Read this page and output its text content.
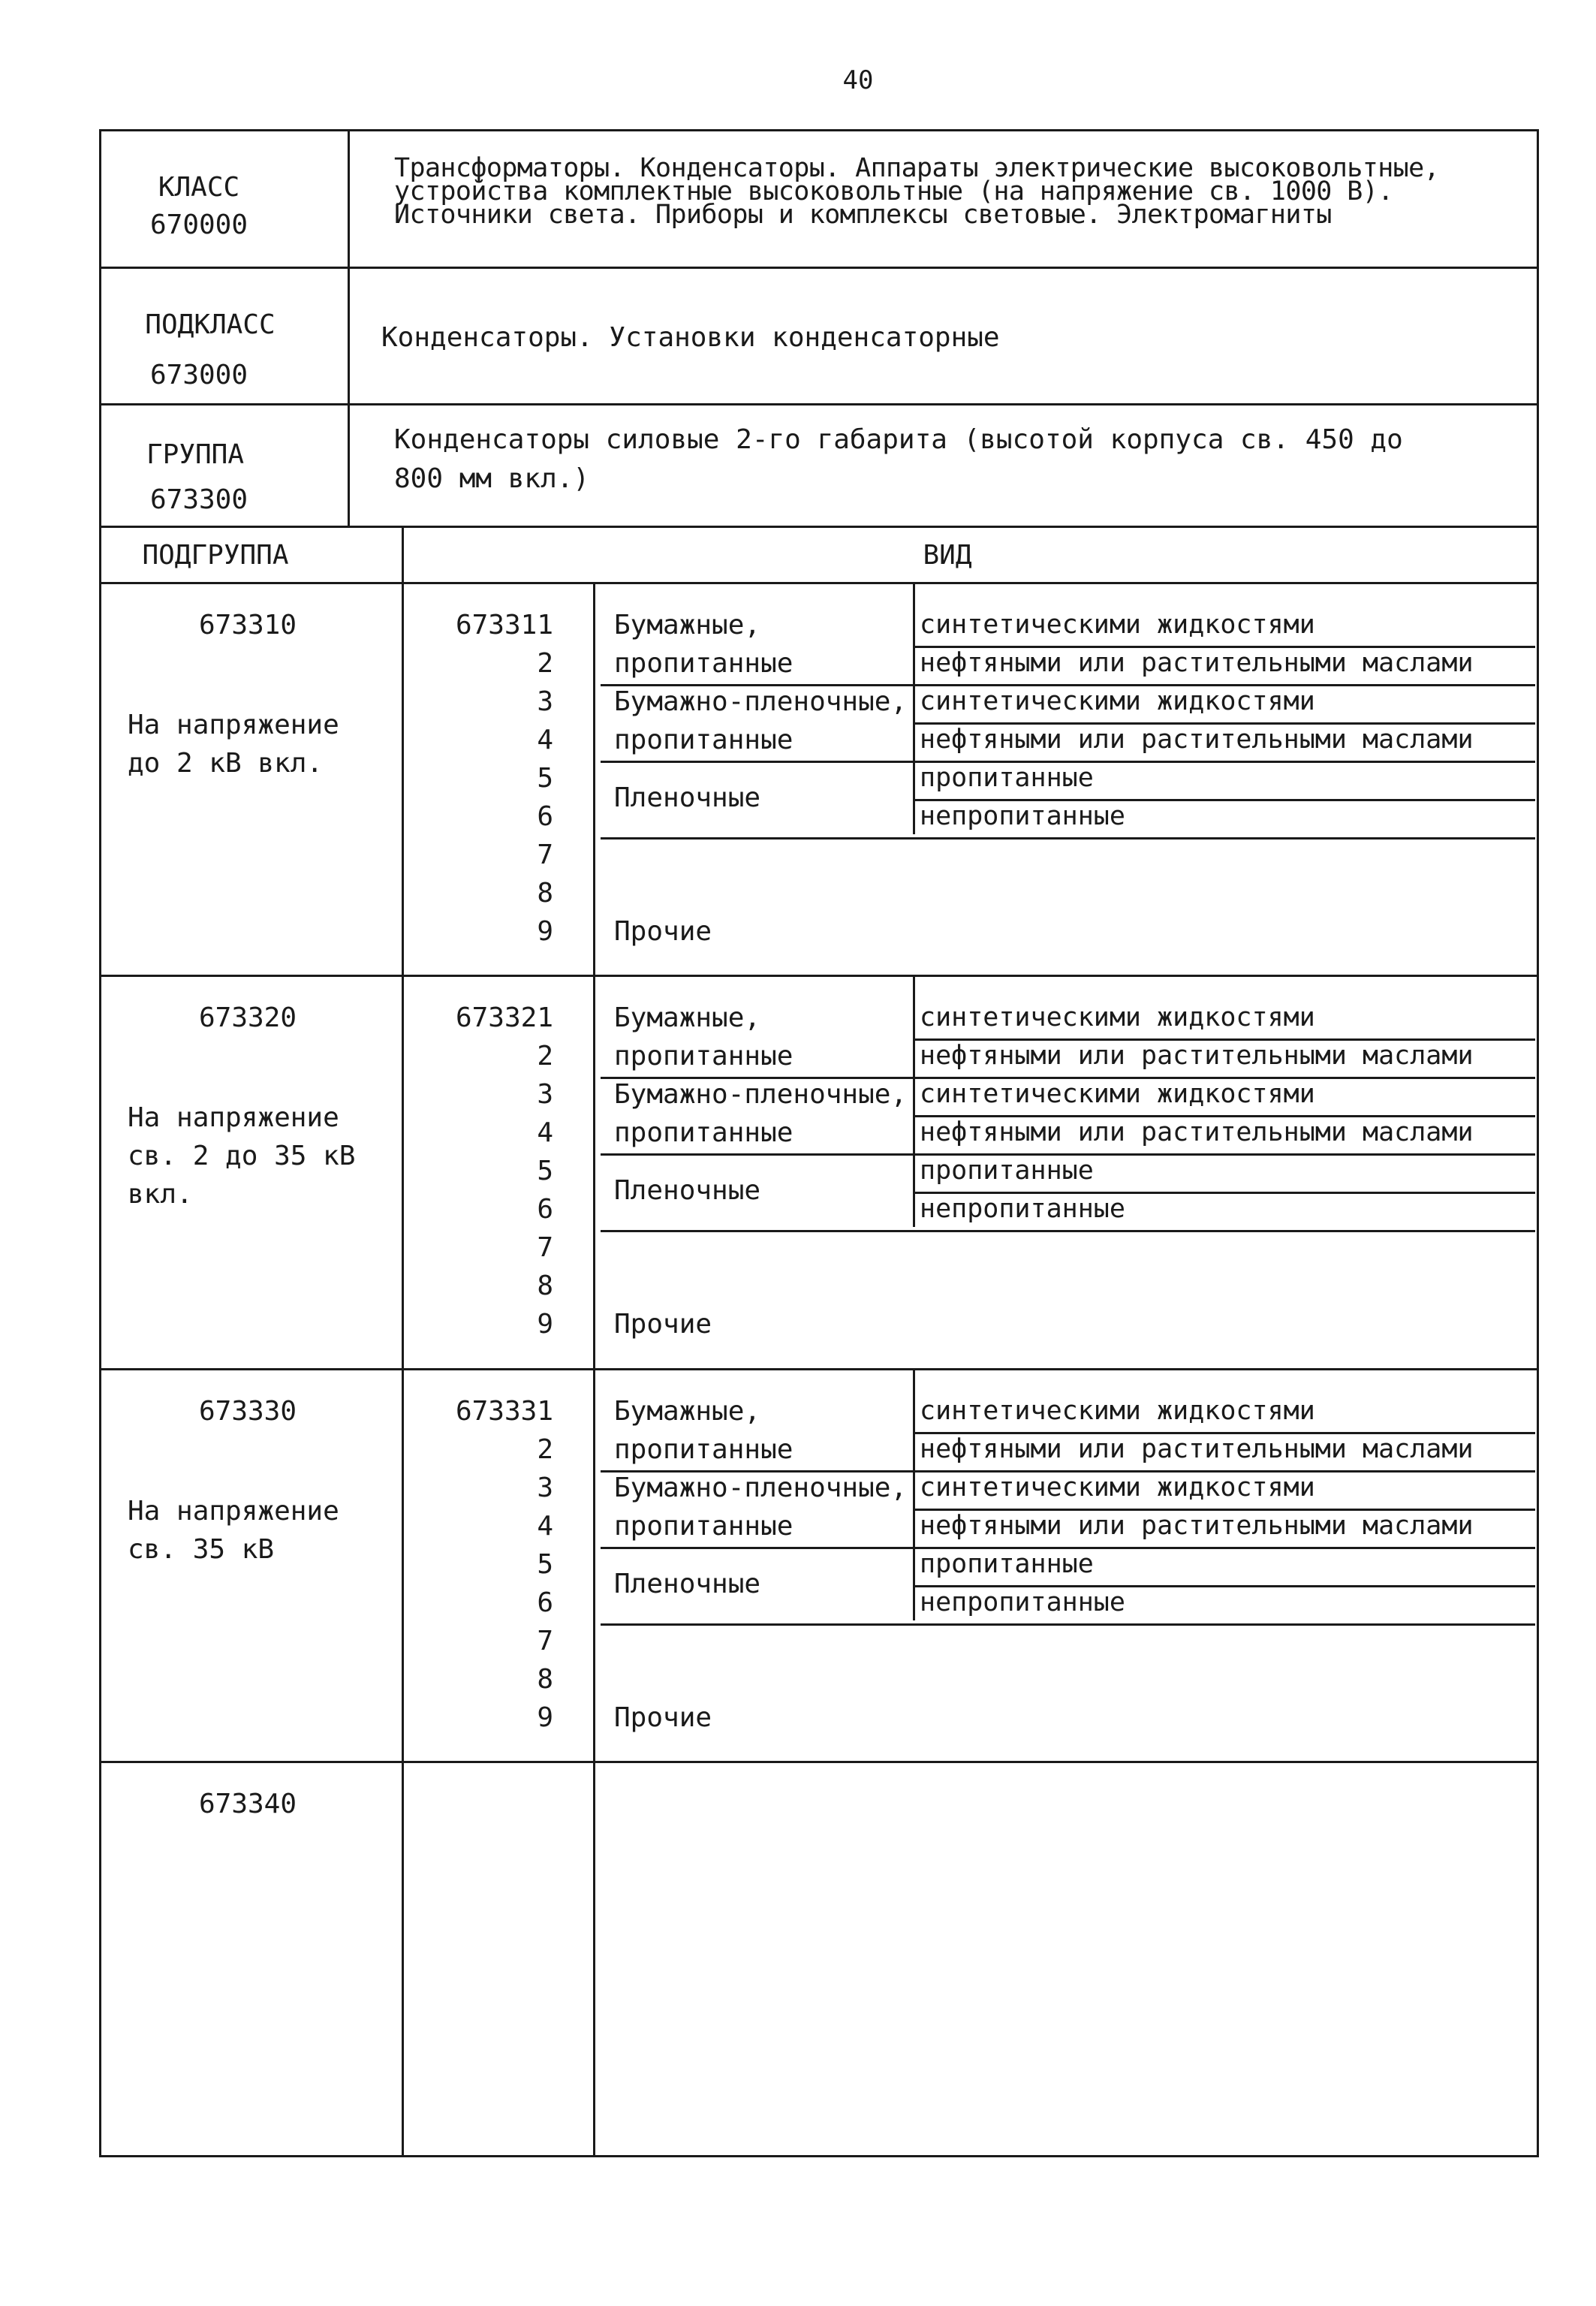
40
КЛАСС
670000
Трансформаторы. Конденсаторы. Аппараты электрические высоковольтные,
устройства комплектные высоковольтные (на напряжение св. 1000 В).
Источники света. Приборы и комплексы световые. Электромагниты
ПОДКЛАСС
673000
Конденсаторы. Установки конденсаторные
ГРУППА
673300
Конденсаторы силовые 2-го габарита (высотой корпуса св. 450 до
800 мм вкл.)
ПОДГРУППА	ВИД
673310
На напряжение
до 2 кВ вкл.
673311
2
3
4
5
6
7
8
9
Бумажные,
пропитанные
Бумажно-пленочные,
пропитанные
Пленочные
Прочие
синтетическими жидкостями
нефтяными или растительными маслами
синтетическими жидкостями
нефтяными или растительными маслами
пропитанные
непропитанные
673320
На напряжение
св. 2 до 35 кВ
вкл.
673321
2
3
4
5
6
7
8
9
Бумажные,
пропитанные
Бумажно-пленочные,
пропитанные
Пленочные
Прочие
синтетическими жидкостями
нефтяными или растительными маслами
синтетическими жидкостями
нефтяными или растительными маслами
пропитанные
непропитанные
673330
На напряжение
св. 35 кВ
673331
2
3
4
5
6
7
8
9
Бумажные,
пропитанные
Бумажно-пленочные,
пропитанные
Пленочные
Прочие
синтетическими жидкостями
нефтяными или растительными маслами
синтетическими жидкостями
нефтяными или растительными маслами
пропитанные
непропитанные
673340
